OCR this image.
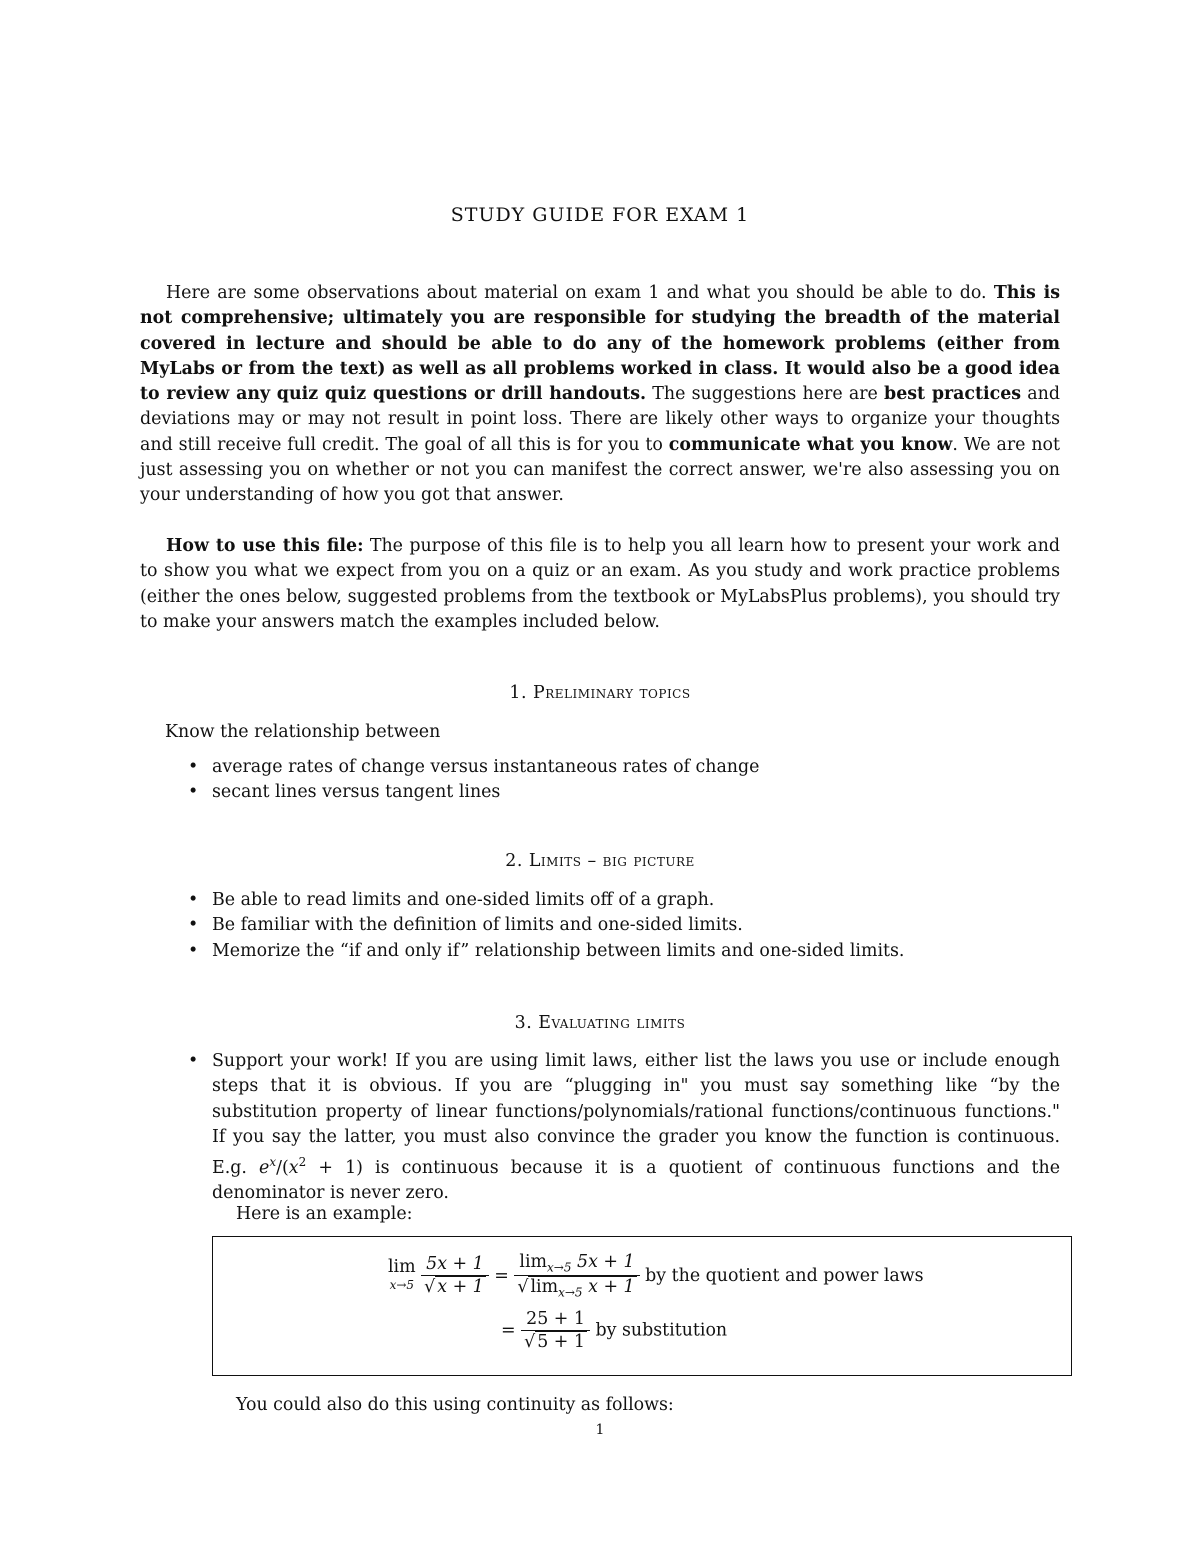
STUDY GUIDE FOR EXAM 1

Here are some observations about material on exam 1 and what you should be able to do. This is not comprehensive; ultimately you are responsible for studying the breadth of the material covered in lecture and should be able to do any of the homework problems (either from MyLabs or from the text) as well as all problems worked in class. It would also be a good idea to review any quiz quiz questions or drill handouts. The suggestions here are best practices and deviations may or may not result in point loss. There are likely other ways to organize your thoughts and still receive full credit. The goal of all this is for you to communicate what you know. We are not just assessing you on whether or not you can manifest the correct answer, we're also assessing you on your understanding of how you got that answer.

How to use this file: The purpose of this file is to help you all learn how to present your work and to show you what we expect from you on a quiz or an exam. As you study and work practice problems (either the ones below, suggested problems from the textbook or MyLabsPlus problems), you should try to make your answers match the examples included below.

1. Preliminary topics

Know the relationship between

• average rates of change versus instantaneous rates of change
• secant lines versus tangent lines

2. Limits – big picture

• Be able to read limits and one-sided limits off of a graph.
• Be familiar with the definition of limits and one-sided limits.
• Memorize the “if and only if” relationship between limits and one-sided limits.

3. Evaluating limits

• Support your work! If you are using limit laws, either list the laws you use or include enough steps that it is obvious. If you are “plugging in" you must say something like “by the substitution property of linear functions/polynomials/rational functions/continuous functions." If you say the latter, you must also convince the grader you know the function is continuous. E.g. $e^x/(x^2 + 1)$ is continuous because it is a quotient of continuous functions and the denominator is never zero.

Here is an example:

lim
x→5
$\frac{5x + 1}{√ x + 1} = \frac{\lim_{x\to 5} 5x + 1}{√ \lim_{x\to 5} x + 1}$ by the quotient and power laws
= $\frac{25 + 1}{√ 5 + 1}$ by substitution

You could also do this using continuity as follows:

1
